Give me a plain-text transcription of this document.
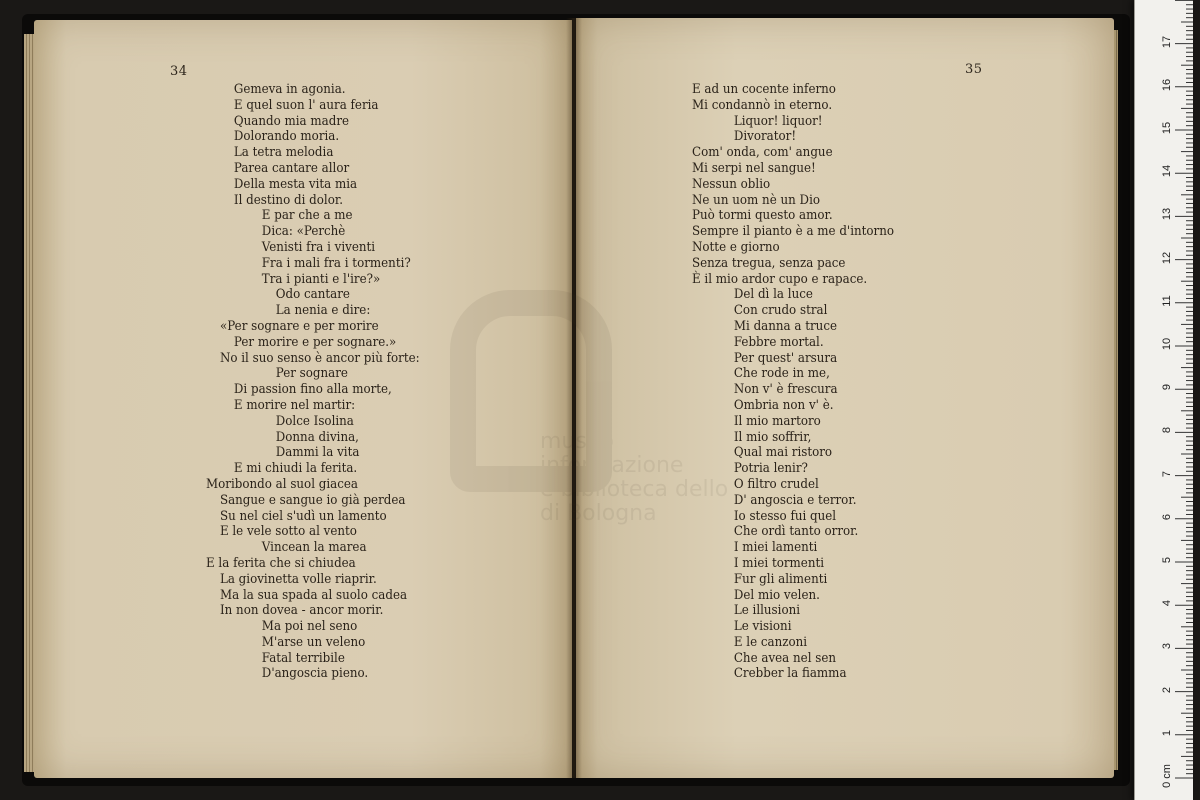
34	35
Gemeva in agonia.
E quel suon l' aura feria
Quando mia madre
Dolorando moria.
La tetra melodia
Parea cantare allor
Della mesta vita mia
Il destino di dolor.
E par che a me
Dica: «Perchè
Venisti fra i viventi
Fra i mali fra i tormenti?
Tra i pianti e l'ire?»
Odo cantare
La nenia e dire:
«Per sognare e per morire
Per morire e per sognare.»
No il suo senso è ancor più forte:
Per sognare
Di passion fino alla morte,
E morire nel martir:
Dolce Isolina
Donna divina,
Dammi la vita
E mi chiudi la ferita.
Moribondo al suol giacea
Sangue e sangue io già perdea
Su nel ciel s'udì un lamento
E le vele sotto al vento
Vincean la marea
E la ferita che si chiudea
La giovinetta volle riaprir.
Ma la sua spada al suolo cadea
In non dovea - ancor morir.
Ma poi nel seno
M'arse un veleno
Fatal terribile
D'angoscia pieno.
E ad un cocente inferno
Mi condannò in eterno.
Liquor! liquor!
Divorator!
Com' onda, com' angue
Mi serpi nel sangue!
Nessun oblio
Ne un uom nè un Dio
Può tormi questo amor.
Sempre il pianto è a me d'intorno
Notte e giorno
Senza tregua, senza pace
È il mio ardor cupo e rapace.
Del dì la luce
Con crudo stral
Mi danna a truce
Febbre mortal.
Per quest' arsura
Che rode in me,
Non v' è frescura
Ombria non v' è.
Il mio martoro
Il mio soffrir,
Qual mai ristoro
Potria lenir?
O filtro crudel
D' angoscia e terror.
Io stesso fui quel
Che ordì tanto orror.
I miei lamenti
I miei tormenti
Fur gli alimenti
Del mio velen.
Le illusioni
Le visioni
E le canzoni
Che avea nel sen
Crebber la fiamma
0 cm
1
2
3
4
5
6
7
8
9
10
11
12
13
14
15
16
17
